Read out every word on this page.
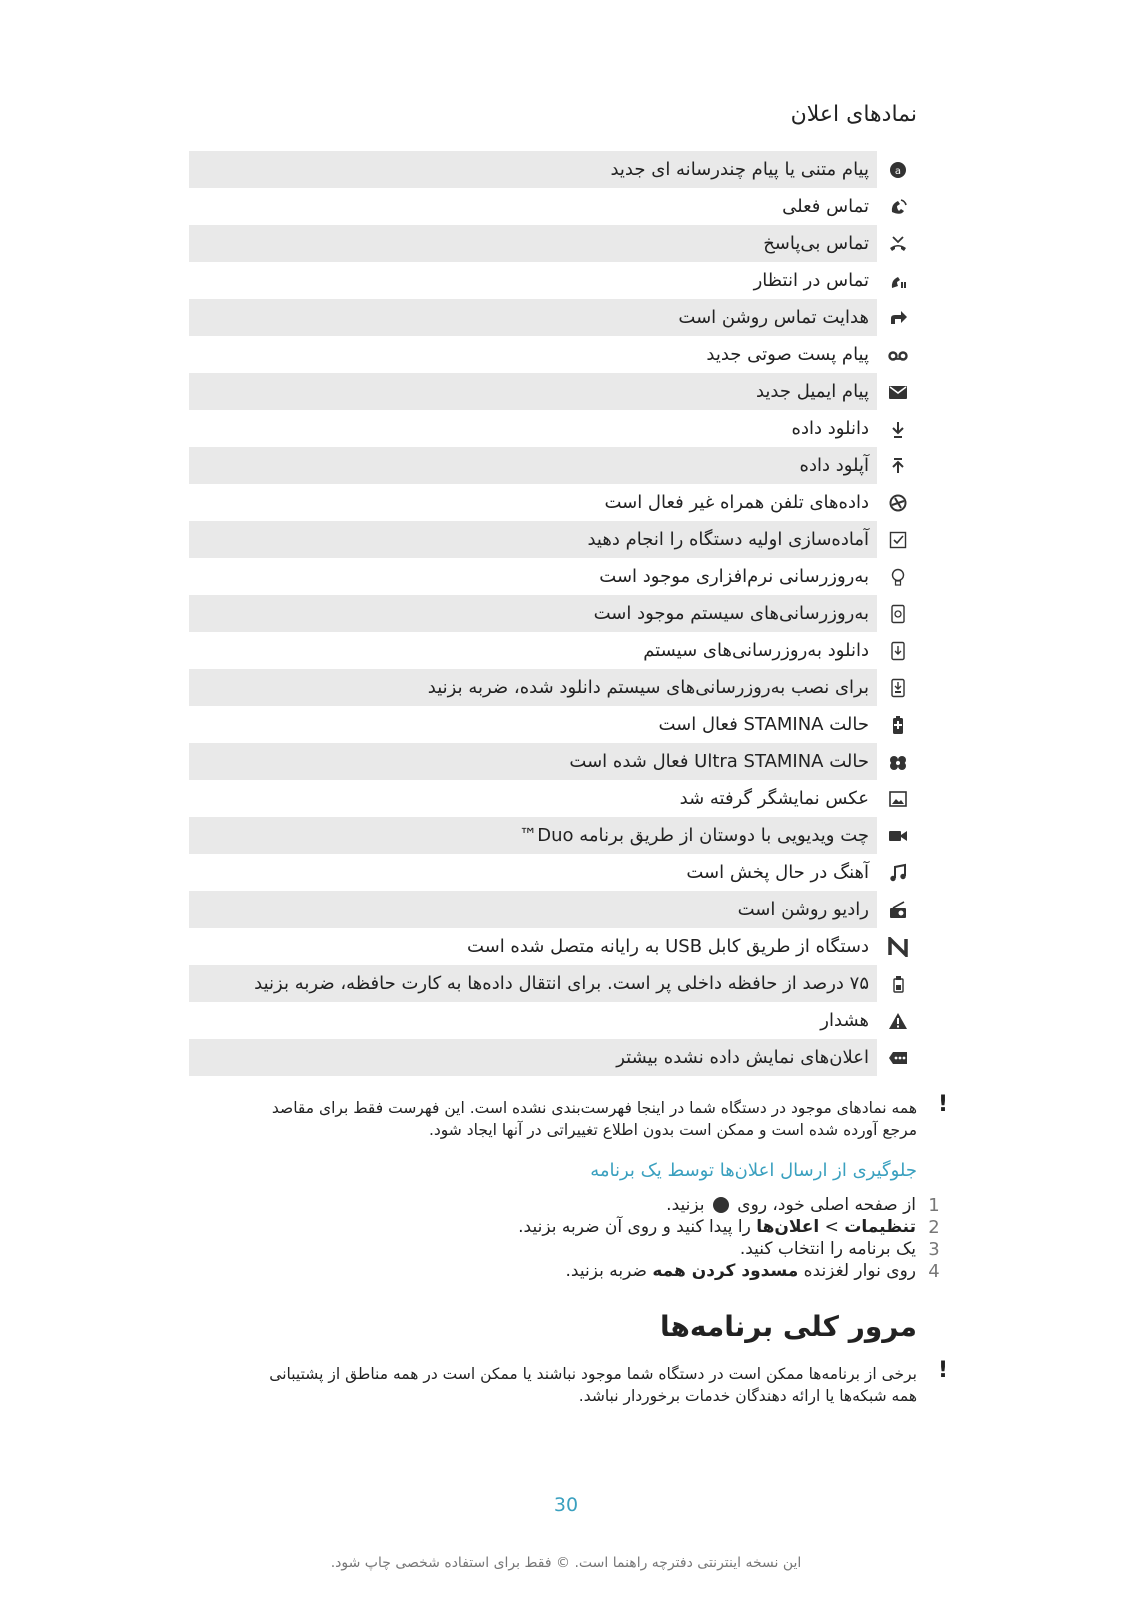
نمادهای اعلان
a
پیام متنی یا پیام چندرسانه ای جدید
تماس فعلی
تماس بی‌پاسخ
تماس در انتظار
هدایت تماس روشن است
پیام پست صوتی جدید
پیام ایمیل جدید
دانلود داده
آپلود داده
داده‌های تلفن همراه غیر فعال است
آماده‌سازی اولیه دستگاه را انجام دهید
به‌روزرسانی نرم‌افزاری موجود است
به‌روزرسانی‌های سیستم موجود است
دانلود به‌روزرسانی‌های سیستم
برای نصب به‌روزرسانی‌های سیستم دانلود شده، ضربه بزنید
حالت STAMINA فعال است
حالت Ultra STAMINA فعال شده است
عکس نمایشگر گرفته شد
چت ویدیویی با دوستان از طریق برنامه Duo™
آهنگ در حال پخش است
رادیو روشن است
دستگاه از طریق کابل USB به رایانه متصل شده است
۷۵ درصد از حافظه داخلی پر است. برای انتقال داده‌ها به کارت حافظه، ضربه بزنید
هشدار
اعلان‌های نمایش داده نشده بیشتر
!
همه نمادهای موجود در دستگاه شما در اینجا فهرست‌بندی نشده است. این فهرست فقط برای مقاصد
مرجع آورده شده است و ممکن است بدون اطلاع تغییراتی در آنها ایجاد شود.
جلوگیری از ارسال اعلان‌ها توسط یک برنامه
1
از صفحه اصلی خود، روی  بزنید.
2
تنظیمات > اعلان‌ها را پیدا کنید و روی آن ضربه بزنید.
3
یک برنامه را انتخاب کنید.
4
روی نوار لغزنده مسدود کردن همه ضربه بزنید.
مرور کلی برنامه‌ها
!
برخی از برنامه‌ها ممکن است در دستگاه شما موجود نباشند یا ممکن است در همه مناطق از پشتیبانی
همه شبکه‌ها یا ارائه دهندگان خدمات برخوردار نباشد.
30
این نسخه اینترنتی دفترچه راهنما است. © فقط برای استفاده شخصی چاپ شود.
